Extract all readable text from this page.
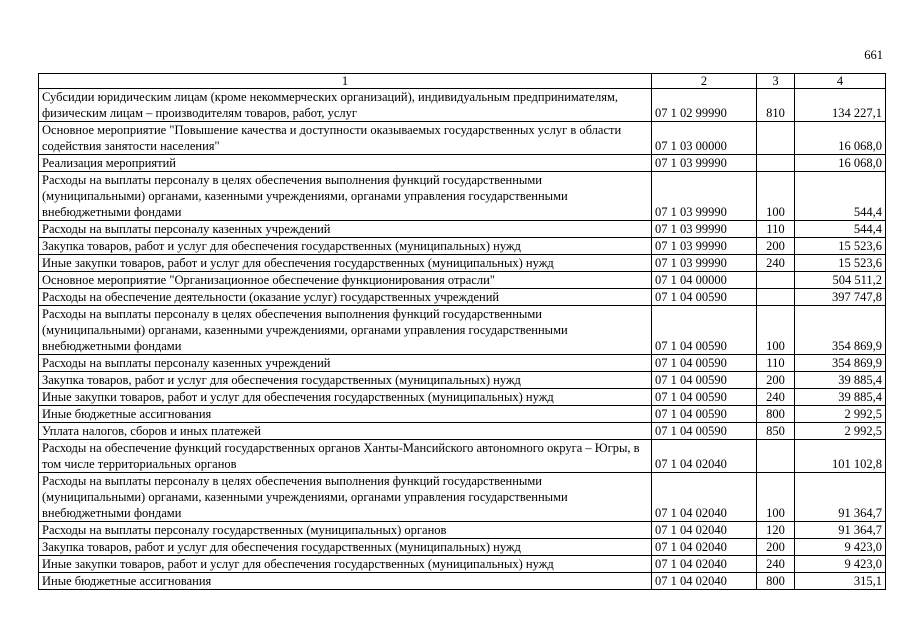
661
1	2	3	4
Субсидии юридическим лицам (кроме некоммерческих организаций), индивидуальным предпринимателям, физическим лицам – производителям товаров, работ, услуг	07 1 02 99990	810	134 227,1
Основное мероприятие "Повышение качества и доступности оказываемых государственных услуг в области содействия занятости населения"	07 1 03 00000		16 068,0
Реализация мероприятий	07 1 03 99990		16 068,0
Расходы на выплаты персоналу в целях обеспечения выполнения функций государственными (муниципальными) органами, казенными учреждениями, органами управления государственными внебюджетными фондами	07 1 03 99990	100	544,4
Расходы на выплаты персоналу казенных учреждений	07 1 03 99990	110	544,4
Закупка товаров, работ и услуг для обеспечения государственных (муниципальных) нужд	07 1 03 99990	200	15 523,6
Иные закупки товаров, работ и услуг для обеспечения государственных (муниципальных) нужд	07 1 03 99990	240	15 523,6
Основное мероприятие "Организационное обеспечение функционирования отрасли"	07 1 04 00000		504 511,2
Расходы на обеспечение деятельности (оказание услуг) государственных учреждений	07 1 04 00590		397 747,8
Расходы на выплаты персоналу в целях обеспечения выполнения функций государственными (муниципальными) органами, казенными учреждениями, органами управления государственными внебюджетными фондами	07 1 04 00590	100	354 869,9
Расходы на выплаты персоналу казенных учреждений	07 1 04 00590	110	354 869,9
Закупка товаров, работ и услуг для обеспечения государственных (муниципальных) нужд	07 1 04 00590	200	39 885,4
Иные закупки товаров, работ и услуг для обеспечения государственных (муниципальных) нужд	07 1 04 00590	240	39 885,4
Иные бюджетные ассигнования	07 1 04 00590	800	2 992,5
Уплата налогов, сборов и иных платежей	07 1 04 00590	850	2 992,5
Расходы на обеспечение функций государственных органов Ханты-Мансийского автономного округа – Югры, в том числе территориальных органов	07 1 04 02040		101 102,8
Расходы на выплаты персоналу в целях обеспечения выполнения функций государственными (муниципальными) органами, казенными учреждениями, органами управления государственными внебюджетными фондами	07 1 04 02040	100	91 364,7
Расходы на выплаты персоналу государственных (муниципальных) органов	07 1 04 02040	120	91 364,7
Закупка товаров, работ и услуг для обеспечения государственных (муниципальных) нужд	07 1 04 02040	200	9 423,0
Иные закупки товаров, работ и услуг для обеспечения государственных (муниципальных) нужд	07 1 04 02040	240	9 423,0
Иные бюджетные ассигнования	07 1 04 02040	800	315,1
